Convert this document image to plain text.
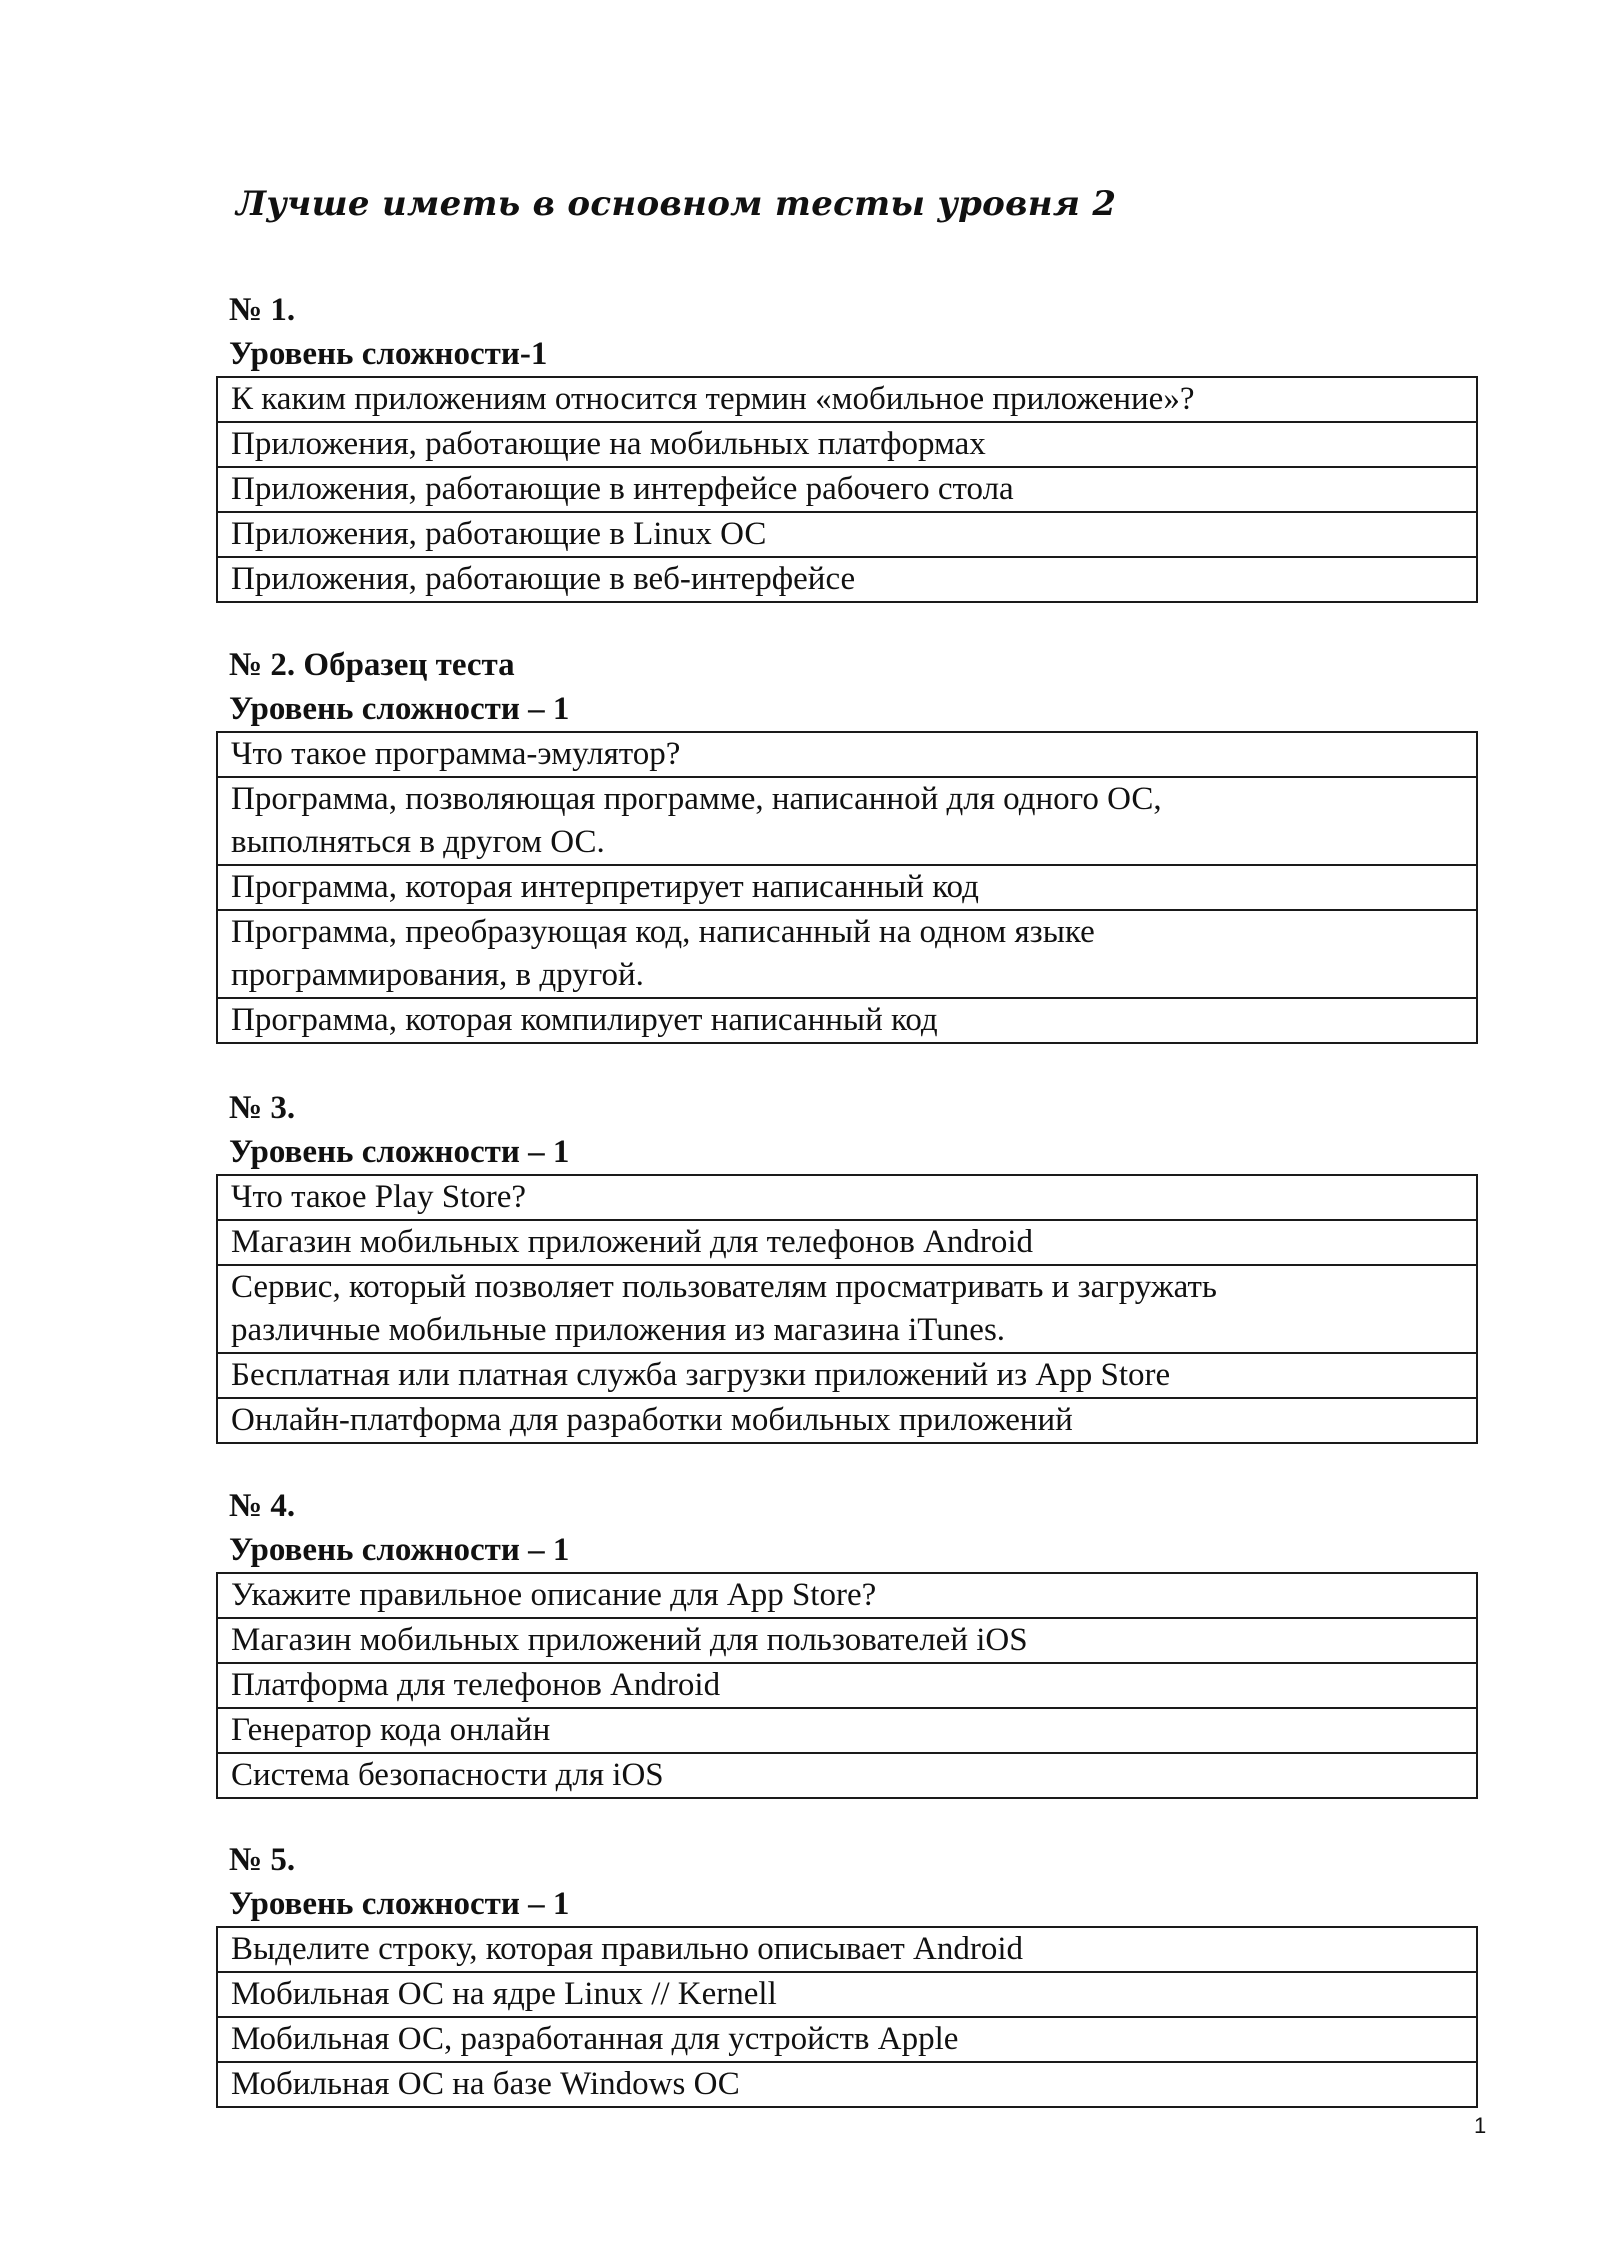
Лучше иметь в основном тесты уровня 2
№ 1.
Уровень сложности-1
К каким приложениям относится термин «мобильное приложение»?
Приложения, работающие на мобильных платформах
Приложения, работающие в интерфейсе рабочего стола
Приложения, работающие в Linux ОС
Приложения, работающие в веб-интерфейсе
№ 2. Образец теста
Уровень сложности – 1
Что такое программа-эмулятор?
Программа, позволяющая программе, написанной для одного ОС,
выполняться в другом ОС.
Программа, которая интерпретирует написанный код
Программа, преобразующая код, написанный на одном языке
программирования, в другой.
Программа, которая компилирует написанный код
№ 3.
Уровень сложности – 1
Что такое Play Store?
Магазин мобильных приложений для телефонов Android
Сервис, который позволяет пользователям просматривать и загружать
различные мобильные приложения из магазина iTunes.
Бесплатная или платная служба загрузки приложений из App Store
Онлайн-платформа для разработки мобильных приложений
№ 4.
Уровень сложности – 1
Укажите правильное описание для App Store?
Магазин мобильных приложений для пользователей iOS
Платформа для телефонов Android
Генератор кода онлайн
Система безопасности для iOS
№ 5.
Уровень сложности – 1
Выделите строку, которая правильно описывает Android
Мобильная ОС на ядре Linux // Kernell
Мобильная ОС, разработанная для устройств Apple
Мобильная ОС на базе Windows ОС
1
